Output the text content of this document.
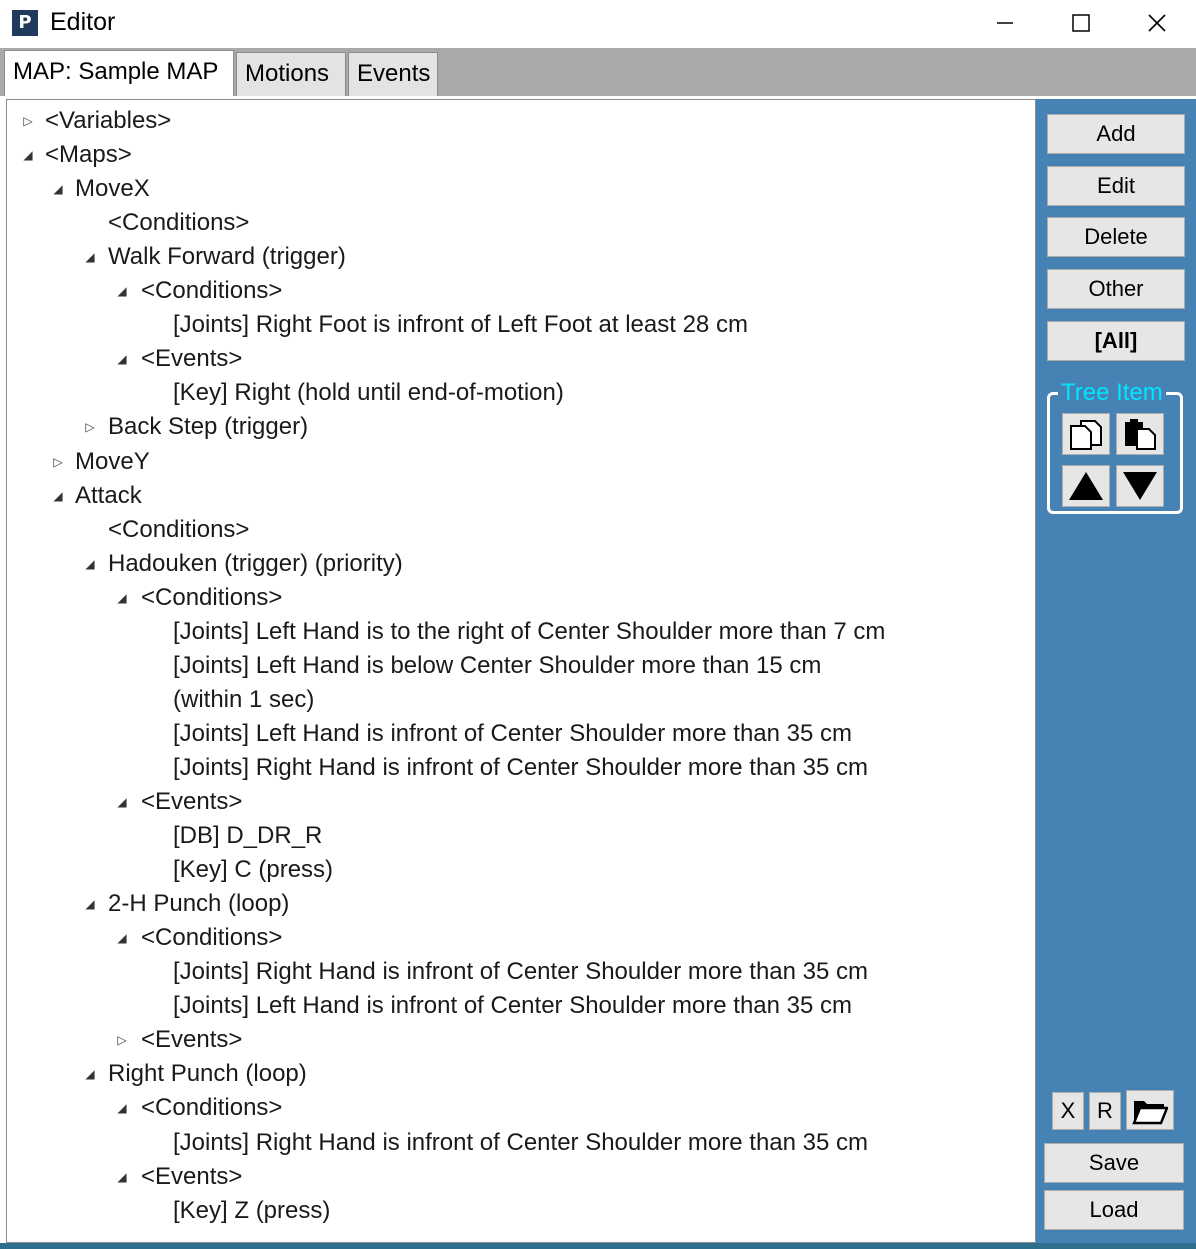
P Editor
MAP: Sample MAP	Motions	Events
▷ <Variables>
◢ <Maps>
◢ MoveX
<Conditions>
◢ Walk Forward (trigger)
◢ <Conditions>
[Joints] Right Foot is infront of Left Foot at least 28 cm
◢ <Events>
[Key] Right (hold until end-of-motion)
▷ Back Step (trigger)
▷ MoveY
◢ Attack
<Conditions>
◢ Hadouken (trigger) (priority)
◢ <Conditions>
[Joints] Left Hand is to the right of Center Shoulder more than 7 cm
[Joints] Left Hand is below Center Shoulder more than 15 cm
(within 1 sec)
[Joints] Left Hand is infront of Center Shoulder more than 35 cm
[Joints] Right Hand is infront of Center Shoulder more than 35 cm
◢ <Events>
[DB] D_DR_R
[Key] C (press)
◢ 2-H Punch (loop)
◢ <Conditions>
[Joints] Right Hand is infront of Center Shoulder more than 35 cm
[Joints] Left Hand is infront of Center Shoulder more than 35 cm
▷ <Events>
◢ Right Punch (loop)
◢ <Conditions>
[Joints] Right Hand is infront of Center Shoulder more than 35 cm
◢ <Events>
[Key] Z (press)
Add
Edit
Delete
Other
[All]
Tree Item
X R
Save
Load
